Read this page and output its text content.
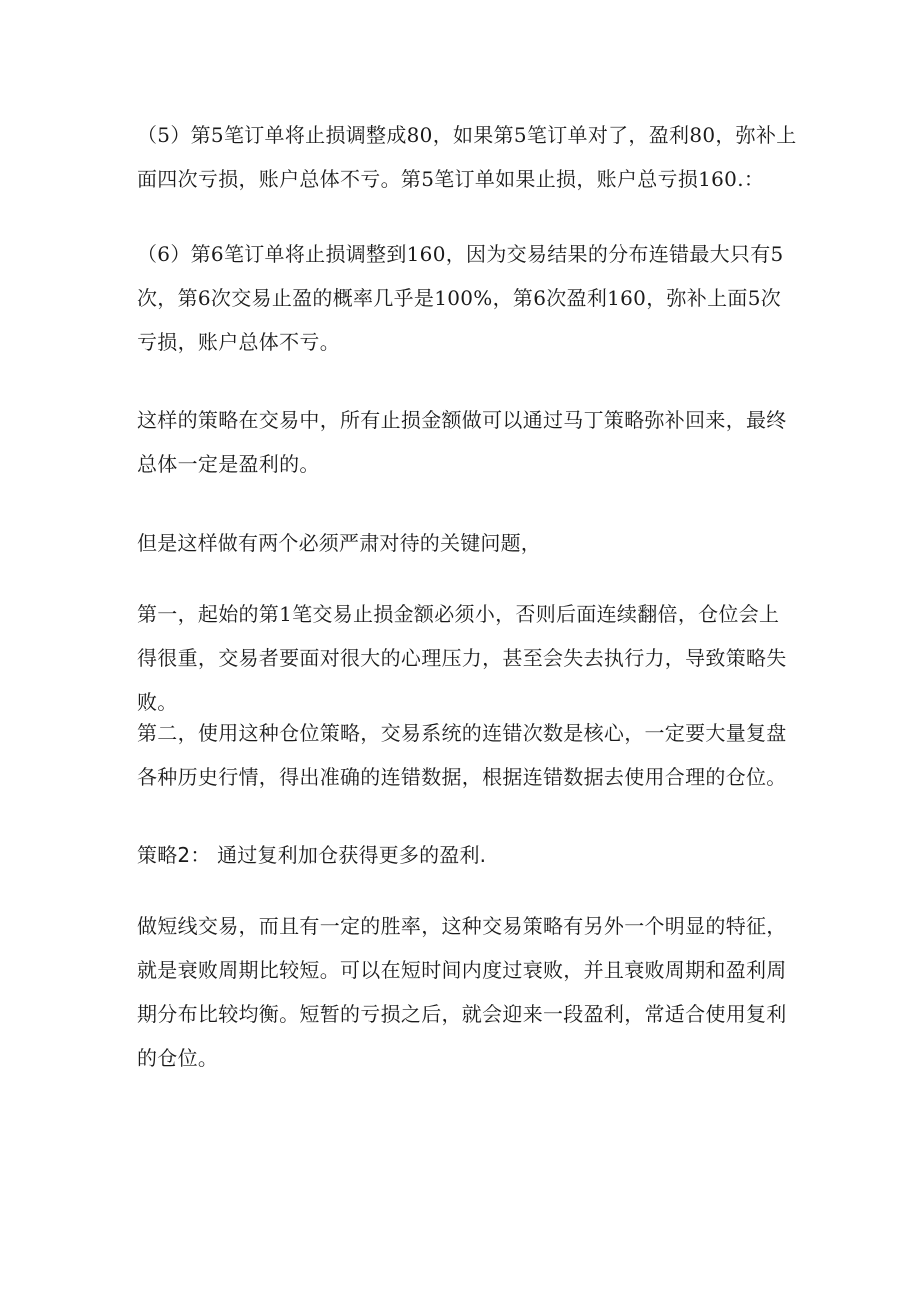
（5）第5笔订单将止损调整成80，如果第5笔订单对了，盈利80，弥补上面四次亏损，账户总体不亏。第5笔订单如果止损，账户总亏损160.：

（6）第6笔订单将止损调整到160，因为交易结果的分布连错最大只有5次，第6次交易止盈的概率几乎是100%，第6次盈利160，弥补上面5次亏损，账户总体不亏。

这样的策略在交易中，所有止损金额做可以通过马丁策略弥补回来，最终总体一定是盈利的。

但是这样做有两个必须严肃对待的关键问题，

第一，起始的第1笔交易止损金额必须小，否则后面连续翻倍，仓位会上得很重，交易者要面对很大的心理压力，甚至会失去执行力，导致策略失败。

第二，使用这种仓位策略，交易系统的连错次数是核心，一定要大量复盘各种历史行情，得出准确的连错数据，根据连错数据去使用合理的仓位。

策略2： 通过复利加仓获得更多的盈利.

做短线交易，而且有一定的胜率，这种交易策略有另外一个明显的特征，就是衰败周期比较短。可以在短时间内度过衰败，并且衰败周期和盈利周期分布比较均衡。短暂的亏损之后，就会迎来一段盈利，常适合使用复利的仓位。
